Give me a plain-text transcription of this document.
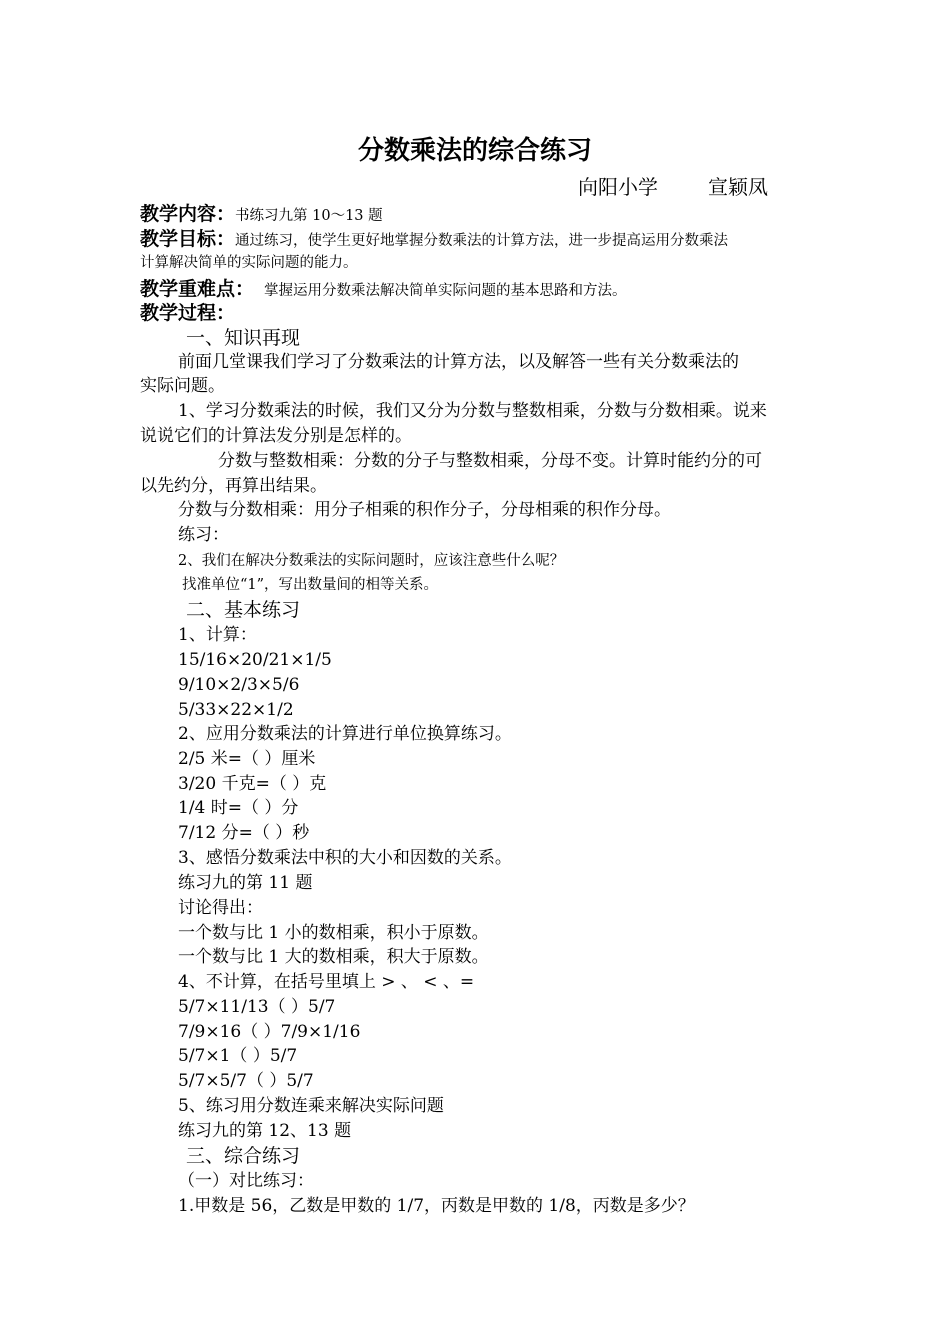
分数乘法的综合练习
向阳小学	宣颖凤
教学内容：书练习九第 10～13 题
教学目标：通过练习，使学生更好地掌握分数乘法的计算方法，进一步提高运用分数乘法
计算解决简单的实际问题的能力。
教学重难点： 掌握运用分数乘法解决简单实际问题的基本思路和方法。
教学过程：
一、知识再现
前面几堂课我们学习了分数乘法的计算方法，以及解答一些有关分数乘法的
实际问题。
1、学习分数乘法的时候，我们又分为分数与整数相乘，分数与分数相乘。说来
说说它们的计算法发分别是怎样的。
分数与整数相乘：分数的分子与整数相乘，分母不变。计算时能约分的可
以先约分，再算出结果。
分数与分数相乘：用分子相乘的积作分子，分母相乘的积作分母。
练习：
2、我们在解决分数乘法的实际问题时，应该注意些什么呢？
找准单位“1”，写出数量间的相等关系。
二、基本练习
1、计算：
15/16×20/21×1/5
9/10×2/3×5/6
5/33×22×1/2
2、应用分数乘法的计算进行单位换算练习。
2/5 米=（ ）厘米
3/20 千克=（ ）克
1/4 时=（ ）分
7/12 分=（ ）秒
3、感悟分数乘法中积的大小和因数的关系。
练习九的第 11 题
讨论得出：
一个数与比 1 小的数相乘，积小于原数。
一个数与比 1 大的数相乘，积大于原数。
4、不计算，在括号里填上 > 、 < 、=
5/7×11/13（ ）5/7
7/9×16（ ）7/9×1/16
5/7×1（ ）5/7
5/7×5/7（ ）5/7
5、练习用分数连乘来解决实际问题
练习九的第 12、13 题
三、综合练习
（一）对比练习：
1.甲数是 56，乙数是甲数的 1/7，丙数是甲数的 1/8，丙数是多少？
